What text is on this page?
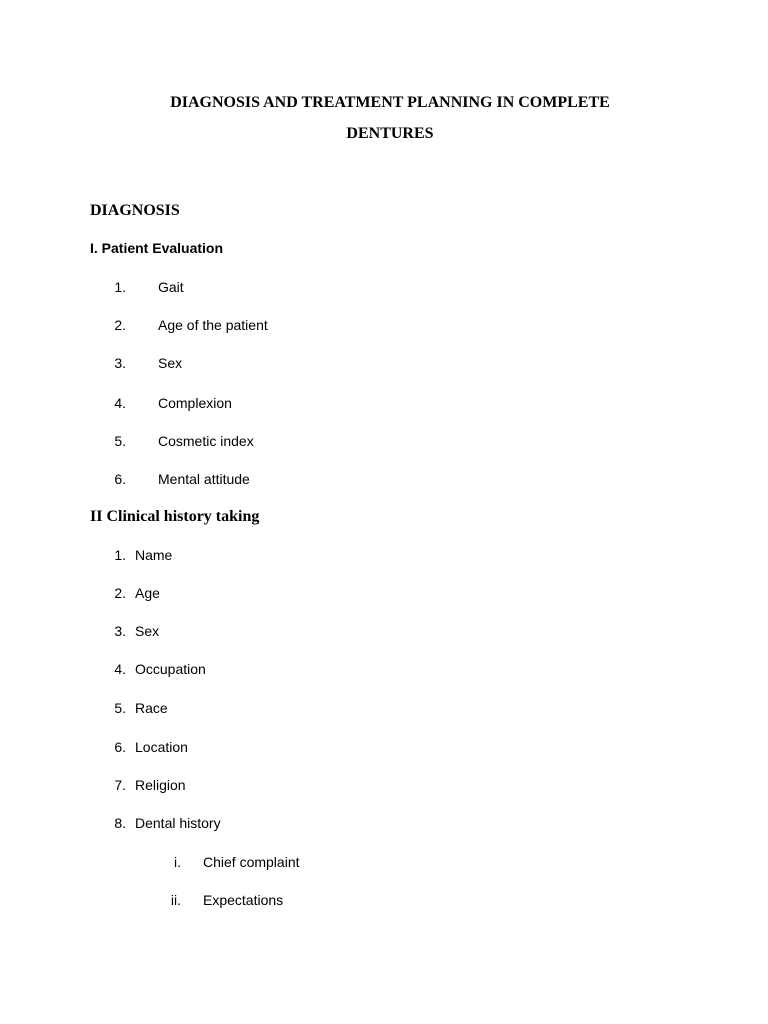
DIAGNOSIS AND TREATMENT PLANNING IN COMPLETE
DENTURES
DIAGNOSIS
I. Patient Evaluation
1. Gait
2. Age of the patient
3. Sex
4. Complexion
5. Cosmetic index
6. Mental attitude
II Clinical history taking
1. Name
2. Age
3. Sex
4. Occupation
5. Race
6. Location
7. Religion
8. Dental history
i. Chief complaint
ii. Expectations
